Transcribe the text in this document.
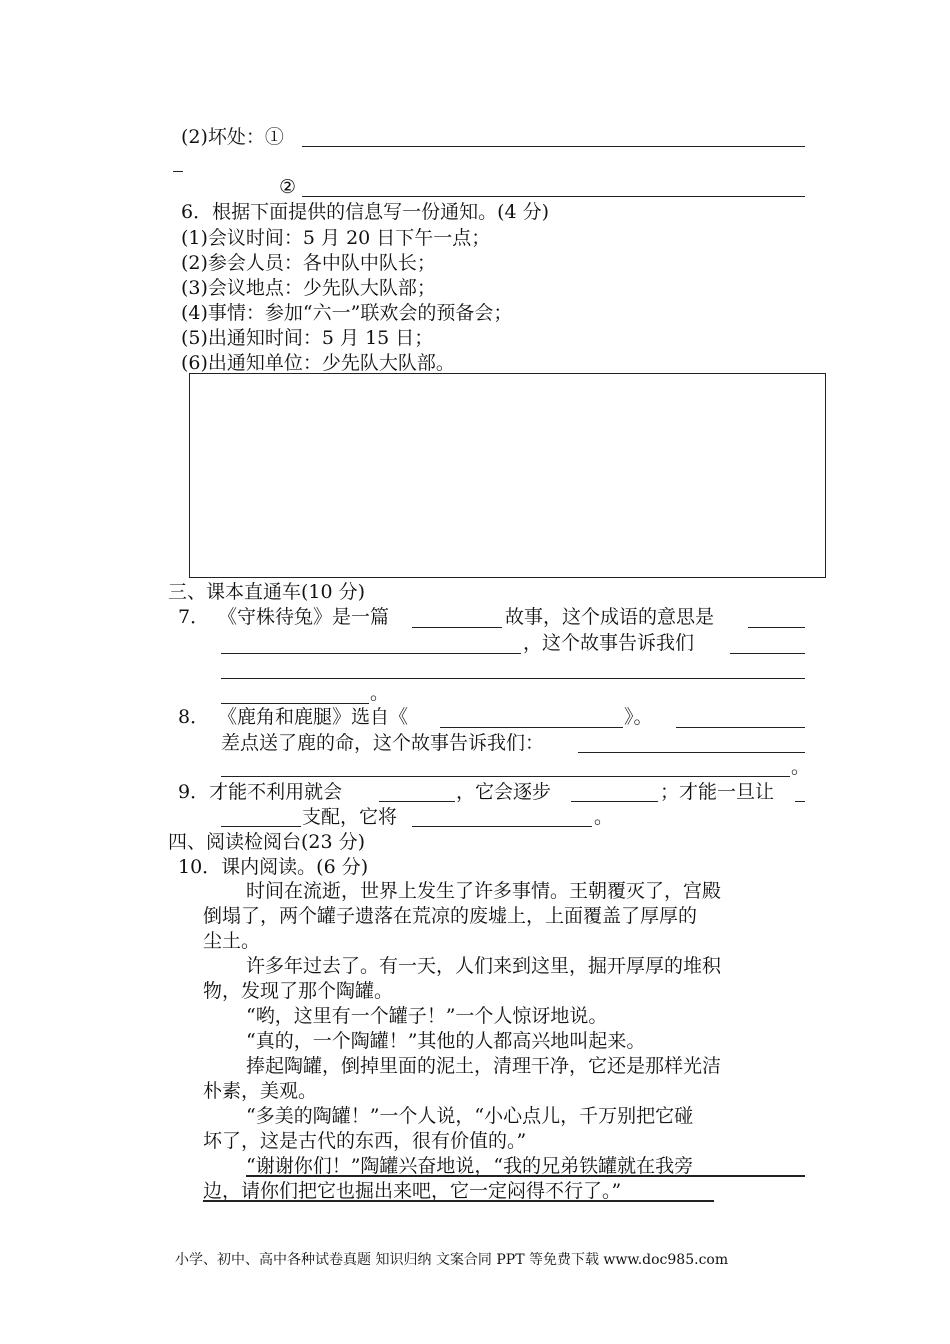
(2)坏处：①
②
6．根据下面提供的信息写一份通知。(4 分)
(1)会议时间：5 月 20 日下午一点；
(2)参会人员：各中队中队长；
(3)会议地点：少先队大队部；
(4)事情：参加“六一”联欢会的预备会；
(5)出通知时间：5 月 15 日；
(6)出通知单位：少先队大队部。
三、课本直通车(10 分)
7． 《守株待兔》是一篇	故事，这个成语的意思是
，这个故事告诉我们
。
8． 《鹿角和鹿腿》选自《	》。
差点送了鹿的命，这个故事告诉我们：
。
9．才能不利用就会	，它会逐步	；才能一旦让
支配，它将	。
四、阅读检阅台(23 分)
10．课内阅读。(6 分)
时间在流逝，世界上发生了许多事情。王朝覆灭了，宫殿
倒塌了，两个罐子遗落在荒凉的废墟上，上面覆盖了厚厚的
尘土。
许多年过去了。有一天，人们来到这里，掘开厚厚的堆积
物，发现了那个陶罐。
“哟，这里有一个罐子！”一个人惊讶地说。
“真的，一个陶罐！”其他的人都高兴地叫起来。
捧起陶罐，倒掉里面的泥土，清理干净，它还是那样光洁
朴素，美观。
“多美的陶罐！”一个人说，“小心点儿，千万别把它碰
坏了，这是古代的东西，很有价值的。”
“谢谢你们！”陶罐兴奋地说，“我的兄弟铁罐就在我旁
边，请你们把它也掘出来吧，它一定闷得不行了。”
小学、初中、高中各种试卷真题 知识归纳 文案合同 PPT 等免费下载 www.doc985.com
